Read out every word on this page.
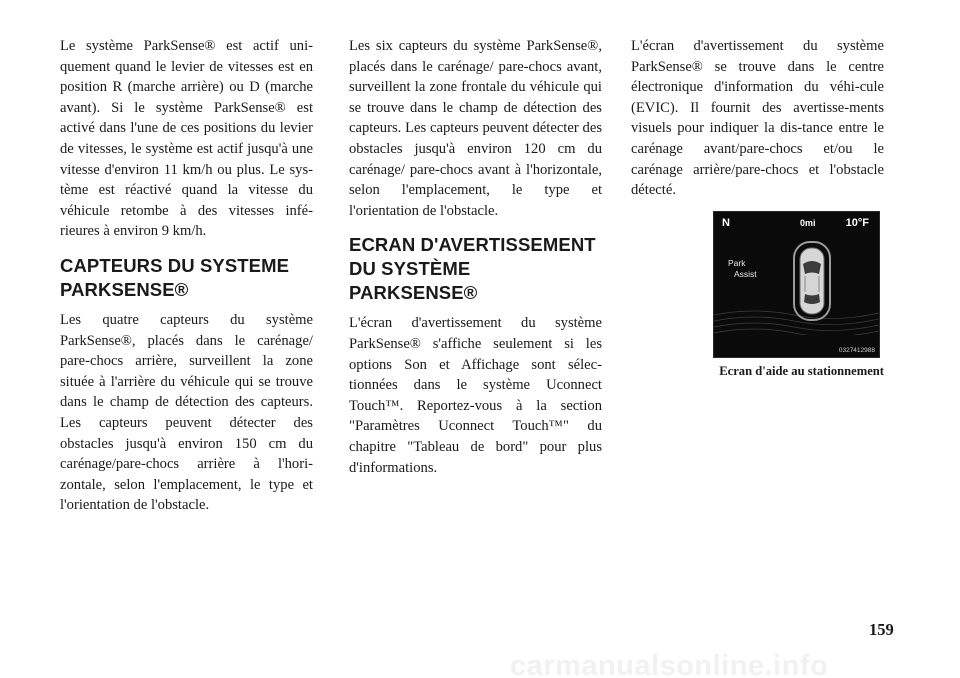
Le système ParkSense® est actif uni-quement quand le levier de vitesses est en position R (marche arrière) ou D (marche avant). Si le système ParkSense® est activé dans l'une de ces positions du levier de vitesses, le système est actif jusqu'à une vitesse d'environ 11 km/h ou plus. Le sys-tème est réactivé quand la vitesse du véhicule retombe à des vitesses infé-rieures à environ 9 km/h.

CAPTEURS DU SYSTEME PARKSENSE®

Les quatre capteurs du système ParkSense®, placés dans le carénage/ pare-chocs arrière, surveillent la zone située à l'arrière du véhicule qui se trouve dans le champ de détection des capteurs. Les capteurs peuvent détecter des obstacles jusqu'à environ 150 cm du carénage/pare-chocs arrière à l'hori-zontale, selon l'emplacement, le type et l'orientation de l'obstacle.

Les six capteurs du système ParkSense®, placés dans le carénage/ pare-chocs avant, surveillent la zone frontale du véhicule qui se trouve dans le champ de détection des capteurs. Les capteurs peuvent détecter des obstacles jusqu'à environ 120 cm du carénage/ pare-chocs avant à l'horizontale, selon l'emplacement, le type et l'orientation de l'obstacle.

ECRAN D'AVERTISSEMENT DU SYSTÈME PARKSENSE®

L'écran d'avertissement du système ParkSense® s'affiche seulement si les options Son et Affichage sont sélec-tionnées dans le système Uconnect Touch™. Reportez-vous à la section "Paramètres Uconnect Touch™" du chapitre "Tableau de bord" pour plus d'informations.

L'écran d'avertissement du système ParkSense® se trouve dans le centre électronique d'information du véhi-cule (EVIC). Il fournit des avertisse-ments visuels pour indiquer la dis-tance entre le carénage avant/pare-chocs et/ou le carénage arrière/pare-chocs et l'obstacle détecté.

N	0mi	10°F
Park
Assist
0327412988
Ecran d'aide au stationnement
159
carmanualsonline.info
